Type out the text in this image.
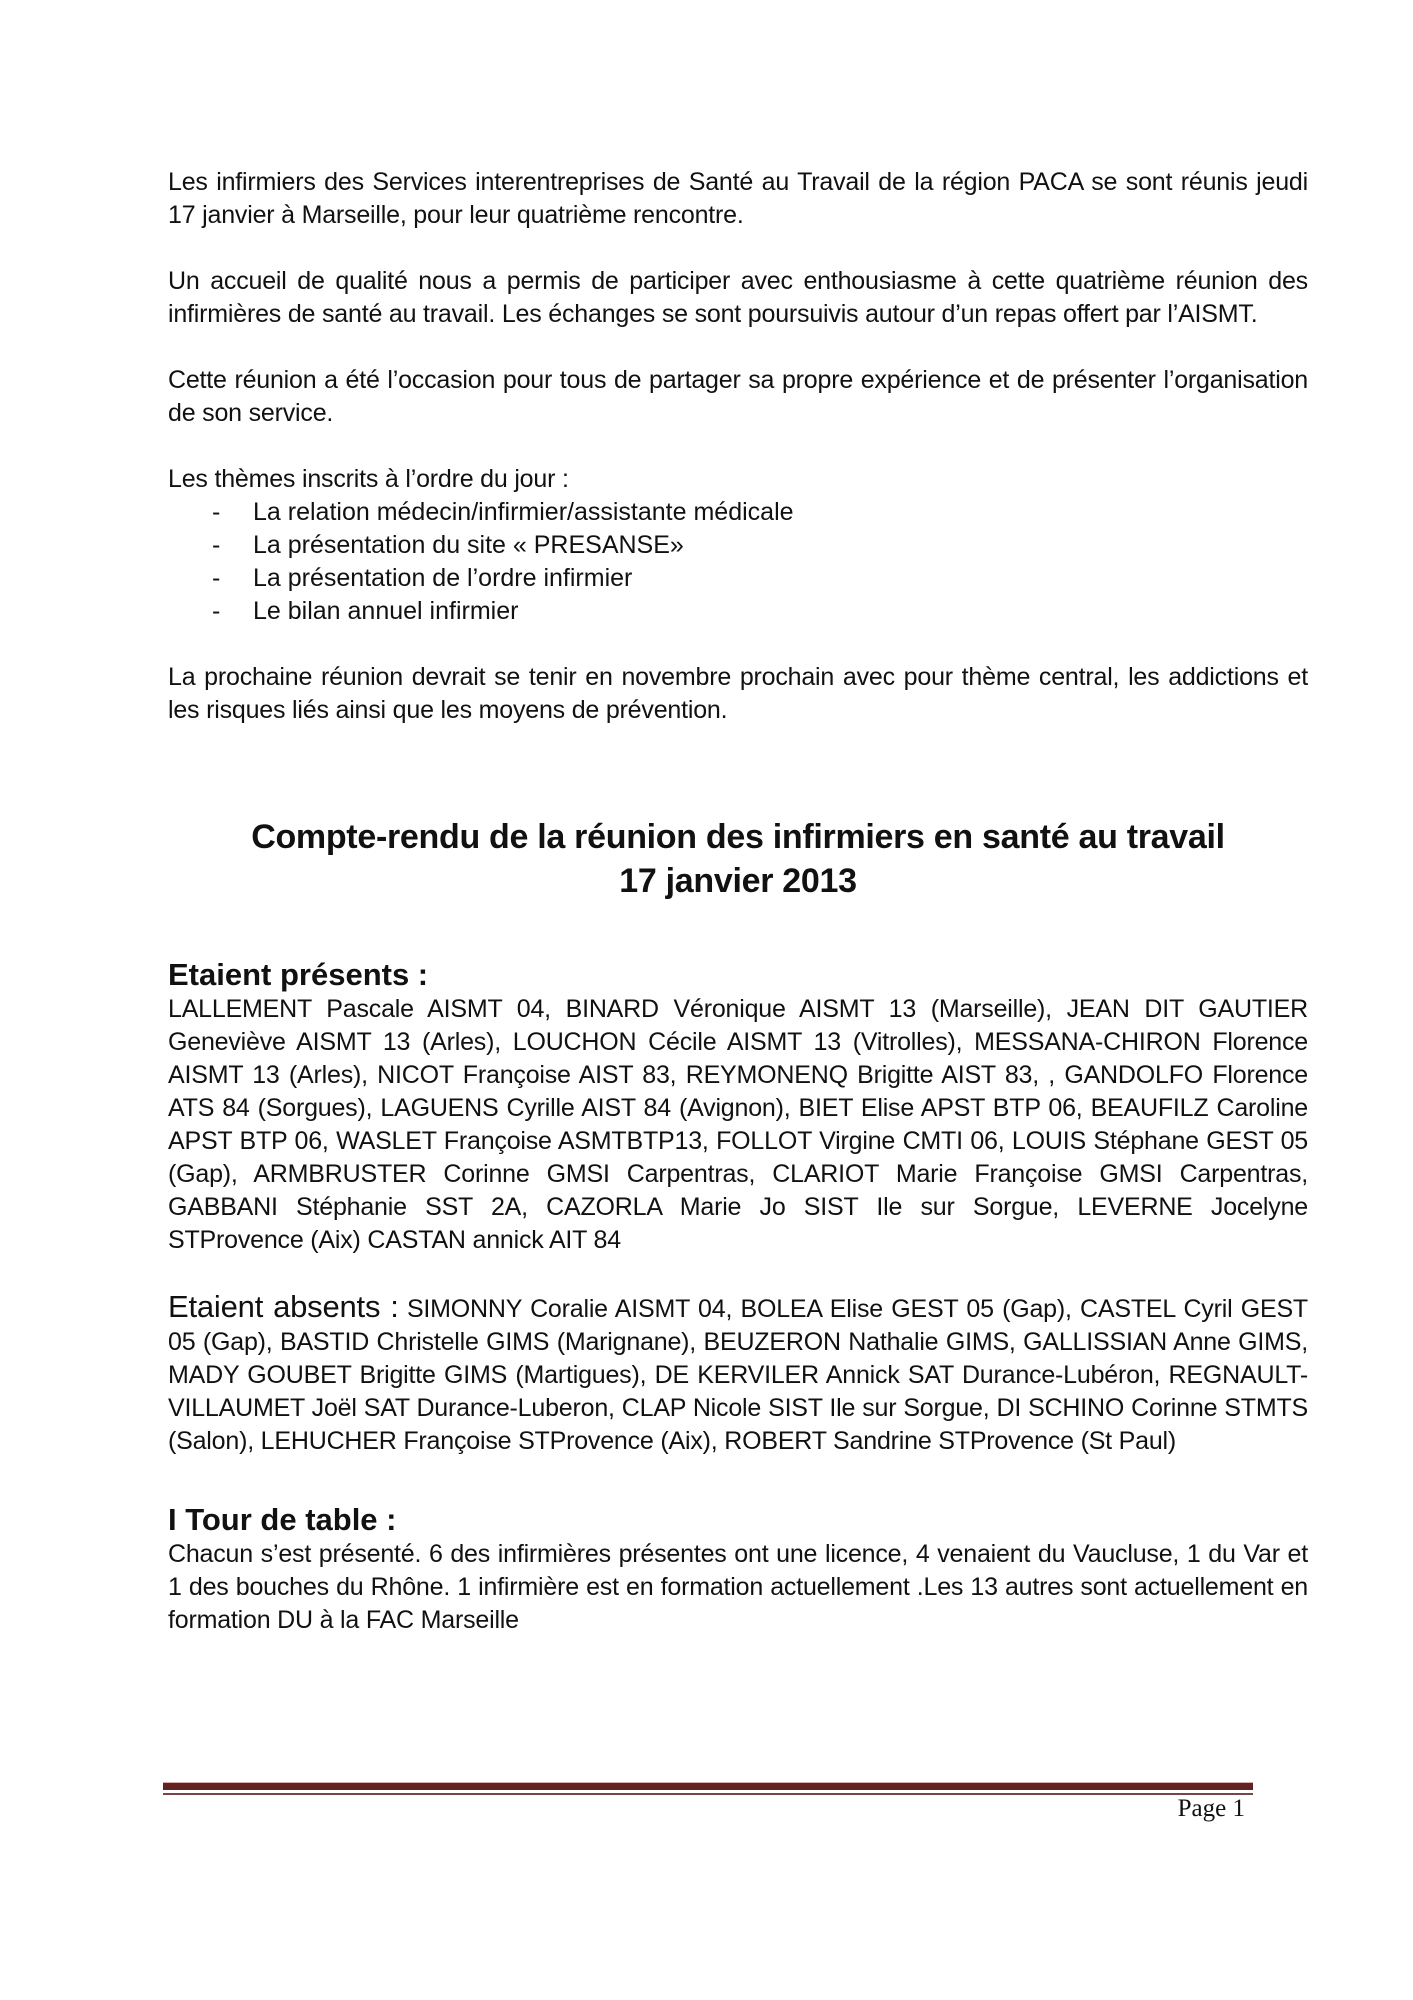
Les infirmiers des Services interentreprises de Santé au Travail de la région PACA se sont réunis jeudi 17 janvier à Marseille, pour leur quatrième rencontre.

Un accueil de qualité nous a permis de participer avec enthousiasme à cette quatrième réunion des infirmières de santé au travail. Les échanges se sont poursuivis autour d’un repas offert par l’AISMT.

Cette réunion a été l’occasion pour tous de partager sa propre expérience et de présenter l’organisation de son service.

Les thèmes inscrits à l’ordre du jour :

- La relation médecin/infirmier/assistante médicale
- La présentation du site « PRESANSE»
- La présentation de l’ordre infirmier
- Le bilan annuel infirmier

La prochaine réunion devrait se tenir en novembre prochain avec pour thème central, les addictions et les risques liés ainsi que les moyens de prévention.

Compte-rendu de la réunion des infirmiers en santé au travail
17 janvier 2013
Etaient présents :

LALLEMENT Pascale AISMT 04, BINARD Véronique AISMT 13 (Marseille), JEAN DIT GAUTIER Geneviève AISMT 13 (Arles), LOUCHON Cécile AISMT 13 (Vitrolles), MESSANA-CHIRON Florence AISMT 13 (Arles), NICOT Françoise AIST 83, REYMONENQ Brigitte AIST 83, , GANDOLFO Florence ATS 84 (Sorgues), LAGUENS Cyrille AIST 84 (Avignon), BIET Elise APST BTP 06, BEAUFILZ Caroline APST BTP 06, WASLET Françoise ASMTBTP13, FOLLOT Virgine CMTI 06, LOUIS Stéphane GEST 05 (Gap), ARMBRUSTER Corinne GMSI Carpentras, CLARIOT Marie Françoise GMSI Carpentras, GABBANI Stéphanie SST 2A, CAZORLA Marie Jo SIST Ile sur Sorgue, LEVERNE Jocelyne STProvence (Aix) CASTAN annick AIT 84

Etaient absents : SIMONNY Coralie AISMT 04, BOLEA Elise GEST 05 (Gap), CASTEL Cyril GEST 05 (Gap), BASTID Christelle GIMS (Marignane), BEUZERON Nathalie GIMS, GALLISSIAN Anne GIMS, MADY GOUBET Brigitte GIMS (Martigues), DE KERVILER Annick SAT Durance-Lubéron, REGNAULT-VILLAUMET Joël SAT Durance-Luberon, CLAP Nicole SIST Ile sur Sorgue, DI SCHINO Corinne STMTS (Salon), LEHUCHER Françoise STProvence (Aix), ROBERT Sandrine STProvence (St Paul)

I Tour de table :

Chacun s’est présenté. 6 des infirmières présentes ont une licence, 4 venaient du Vaucluse, 1 du Var et 1 des bouches du Rhône. 1 infirmière est en formation actuellement .Les 13 autres sont actuellement en formation DU à la FAC Marseille

Page 1
